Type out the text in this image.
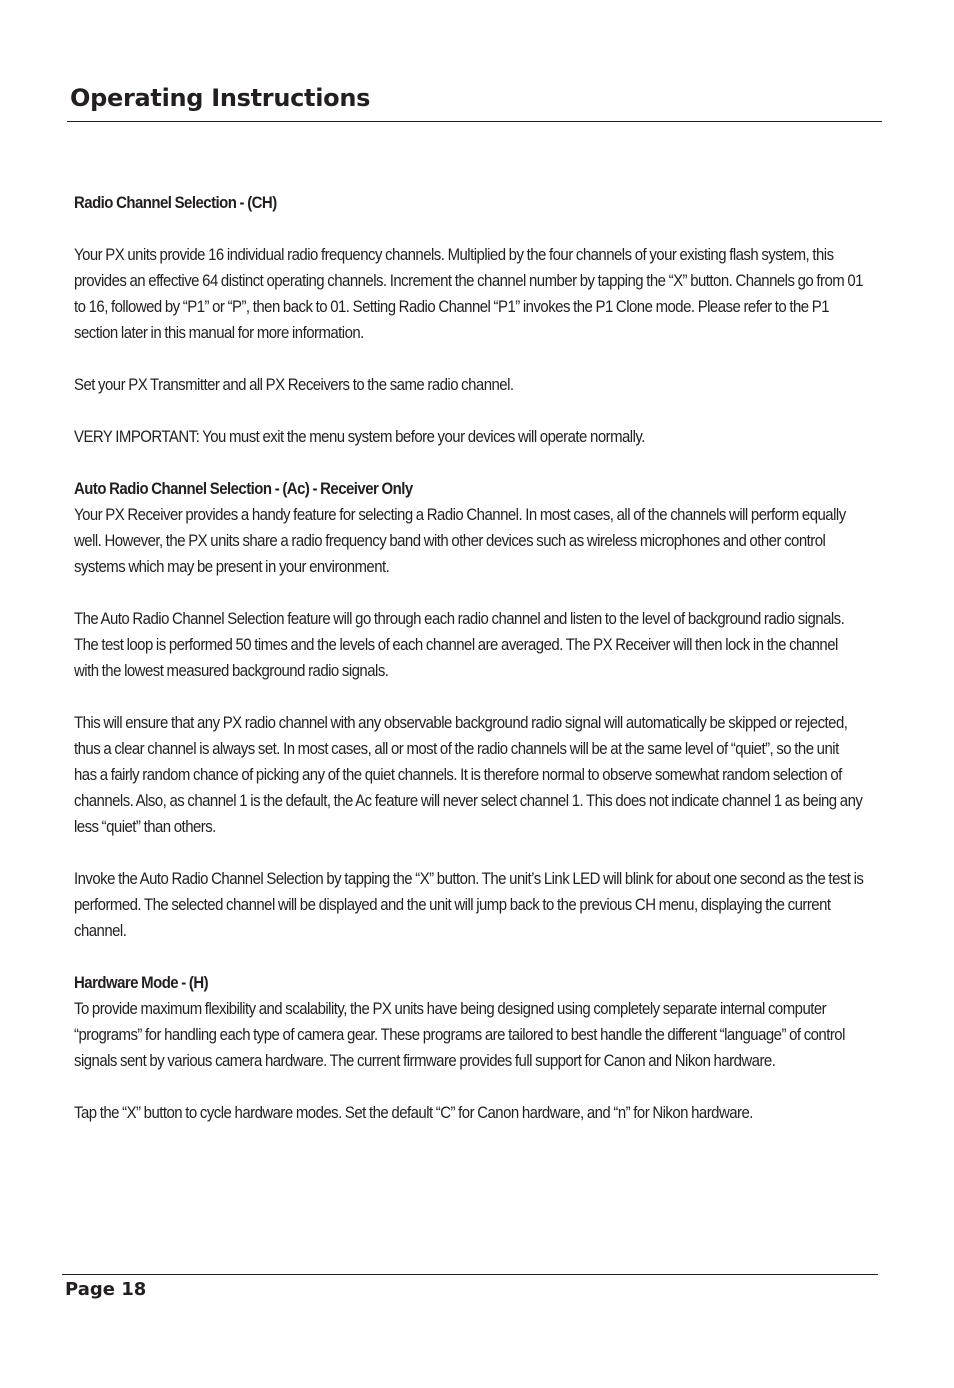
Operating Instructions

Radio Channel Selection - (CH)

Your PX units provide 16 individual radio frequency channels. Multiplied by the four channels of your existing flash system, this provides an effective 64 distinct operating channels. Increment the channel number by tapping the “X” button. Channels go from 01 to 16, followed by “P1” or “P”, then back to 01. Setting Radio Channel “P1” invokes the P1 Clone mode. Please refer to the P1 section later in this manual for more information.

Set your PX Transmitter and all PX Receivers to the same radio channel.

VERY IMPORTANT: You must exit the menu system before your devices will operate normally.

Auto Radio Channel Selection - (Ac) - Receiver Only

Your PX Receiver provides a handy feature for selecting a Radio Channel. In most cases, all of the channels will perform equally well. However, the PX units share a radio frequency band with other devices such as wireless microphones and other control systems which may be present in your environment.

The Auto Radio Channel Selection feature will go through each radio channel and listen to the level of background radio signals. The test loop is performed 50 times and the levels of each channel are averaged. The PX Receiver will then lock in the channel with the lowest measured background radio signals.

This will ensure that any PX radio channel with any observable background radio signal will automatically be skipped or rejected, thus a clear channel is always set. In most cases, all or most of the radio channels will be at the same level of “quiet”, so the unit has a fairly random chance of picking any of the quiet channels. It is therefore normal to observe somewhat random selection of channels. Also, as channel 1 is the default, the Ac feature will never select channel 1. This does not indicate channel 1 as being any less “quiet” than others.

Invoke the Auto Radio Channel Selection by tapping the “X” button. The unit’s Link LED will blink for about one second as the test is performed. The selected channel will be displayed and the unit will jump back to the previous CH menu, displaying the current channel.

Hardware Mode - (H)

To provide maximum flexibility and scalability, the PX units have being designed using completely separate internal computer “programs” for handling each type of camera gear. These programs are tailored to best handle the different “language” of control signals sent by various camera hardware. The current firmware provides full support for Canon and Nikon hardware.

Tap the “X” button to cycle hardware modes. Set the default “C” for Canon hardware, and “n” for Nikon hardware.

Page 18
